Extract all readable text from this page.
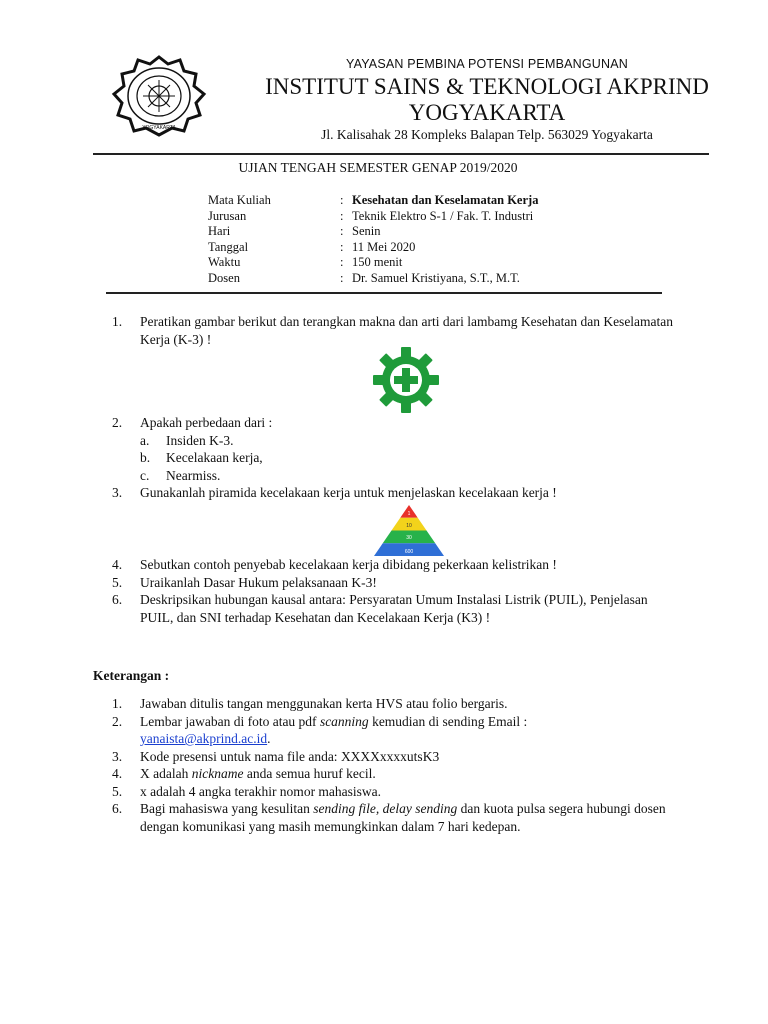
YOGYAKARTA
YAYASAN PEMBINA POTENSI PEMBANGUNAN
INSTITUT SAINS & TEKNOLOGI AKPRIND
YOGYAKARTA
Jl. Kalisahak 28 Kompleks Balapan Telp. 563029 Yogyakarta
UJIAN TENGAH SEMESTER GENAP 2019/2020
Mata Kuliah	: Kesehatan dan Keselamatan Kerja
Jurusan	: Teknik Elektro S-1 / Fak. T. Industri
Hari	: Senin
Tanggal	: 11 Mei 2020
Waktu	: 150 menit
Dosen	: Dr. Samuel Kristiyana, S.T., M.T.
1.	Peratikan gambar berikut dan terangkan makna dan arti dari lambamg Kesehatan dan Keselamatan Kerja (K-3) !
2.	Apakah perbedaan dari :
a.	Insiden K-3.
b.	Kecelakaan kerja,
c.	Nearmiss.
3.	Gunakanlah piramida kecelakaan kerja untuk menjelaskan kecelakaan kerja !
1
10
30
600
4.	Sebutkan contoh penyebab kecelakaan kerja dibidang pekerkaan kelistrikan !
5.	Uraikanlah Dasar Hukum pelaksanaan K-3!
6.	Deskripsikan hubungan kausal antara: Persyaratan Umum Instalasi Listrik (PUIL), Penjelasan PUIL, dan SNI terhadap Kesehatan dan Kecelakaan Kerja (K3) !
Keterangan :
1.	Jawaban ditulis tangan menggunakan kerta HVS atau folio bergaris.
2.	Lembar jawaban di foto atau pdf scanning kemudian di sending Email :
yanaista@akprind.ac.id.
3.	Kode presensi untuk nama file anda: XXXXxxxxutsK3
4.	X adalah nickname anda semua huruf kecil.
5.	x adalah 4 angka terakhir nomor mahasiswa.
6.	Bagi mahasiswa yang kesulitan sending file, delay sending dan kuota pulsa segera hubungi dosen dengan komunikasi yang masih memungkinkan dalam 7 hari kedepan.
